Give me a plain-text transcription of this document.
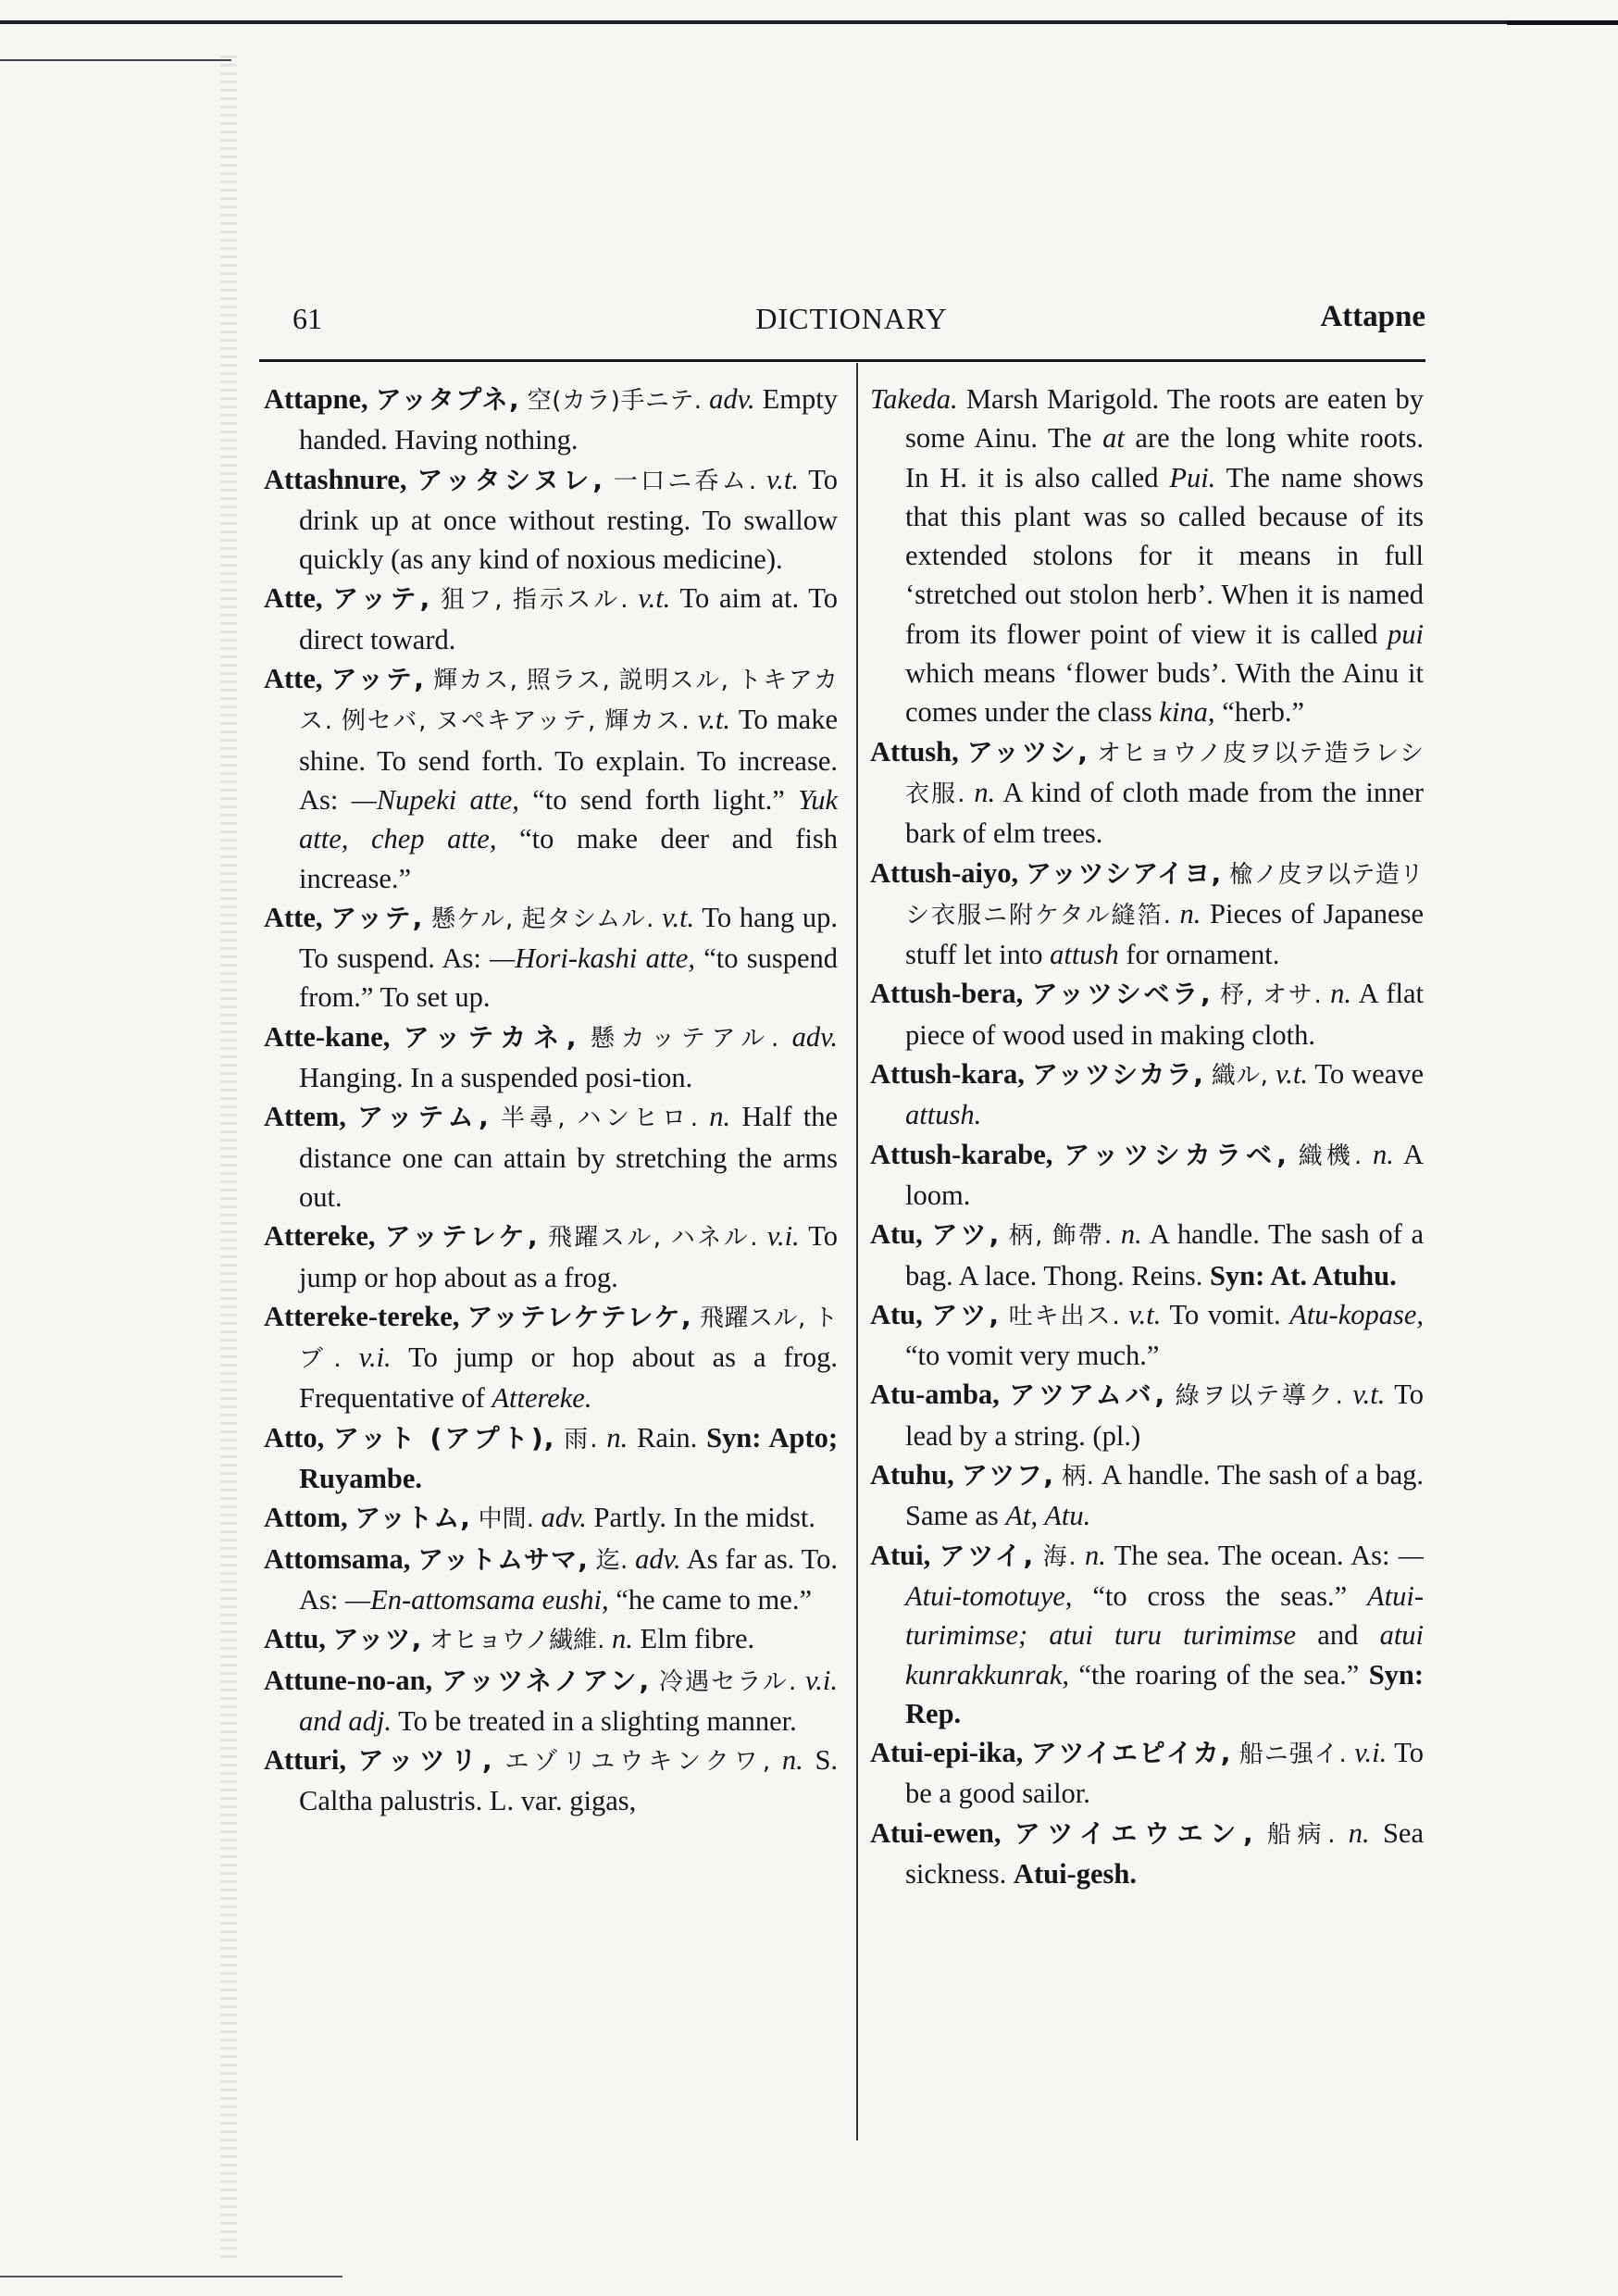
61	DICTIONARY	Attapne

Attapne, アッタプネ, 空(カラ)手ニテ. adv. Empty handed. Having nothing.

Attashnure, アッタシヌレ, 一口ニ呑ム. v.t. To drink up at once without resting. To swallow quickly (as any kind of noxious medicine).

Atte, アッテ, 狙フ, 指示スル. v.t. To aim at. To direct toward.

Atte, アッテ, 輝カス, 照ラス, 説明スル, トキアカス. 例セバ, ヌペキアッテ, 輝カス. v.t. To make shine. To send forth. To explain. To increase. As: —Nupeki atte, “to send forth light.” Yuk atte, chep atte, “to make deer and fish increase.”

Atte, アッテ, 懸ケル, 起タシムル. v.t. To hang up. To suspend. As: —Hori-kashi atte, “to suspend from.” To set up.

Atte-kane, アッテカネ, 懸カッテアル. adv. Hanging. In a suspended posi-tion.

Attem, アッテム, 半尋, ハンヒロ. n. Half the distance one can attain by stretching the arms out.

Attereke, アッテレケ, 飛躍スル, ハネル. v.i. To jump or hop about as a frog.

Attereke-tereke, アッテレケテレケ, 飛躍スル, トブ. v.i. To jump or hop about as a frog. Frequentative of Attereke.

Atto, アット (アプト), 雨. n. Rain. Syn: Apto; Ruyambe.

Attom, アットム, 中間. adv. Partly. In the midst.

Attomsama, アットムサマ, 迄. adv. As far as. To. As: —En-attomsama eushi, “he came to me.”

Attu, アッツ, オヒョウノ繊維. n. Elm fibre.

Attune-no-an, アッツネノアン, 冷遇セラル. v.i. and adj. To be treated in a slighting manner.

Atturi, アッツリ, エゾリユウキンクワ, n. S. Caltha palustris. L. var. gigas,

Takeda. Marsh Marigold. The roots are eaten by some Ainu. The at are the long white roots. In H. it is also called Pui. The name shows that this plant was so called because of its extended stolons for it means in full ‘stretched out stolon herb’. When it is named from its flower point of view it is called pui which means ‘flower buds’. With the Ainu it comes under the class kina, “herb.”

Attush, アッツシ, オヒョウノ皮ヲ以テ造ラレシ衣服. n. A kind of cloth made from the inner bark of elm trees.

Attush-aiyo, アッツシアイヨ, 楡ノ皮ヲ以テ造リシ衣服ニ附ケタル縫箔. n. Pieces of Japanese stuff let into attush for ornament.

Attush-bera, アッツシベラ, 杼, オサ. n. A flat piece of wood used in making cloth.

Attush-kara, アッツシカラ, 織ル, v.t. To weave attush.

Attush-karabe, アッツシカラベ, 織機. n. A loom.

Atu, アツ, 柄, 飾帶. n. A handle. The sash of a bag. A lace. Thong. Reins. Syn: At. Atuhu.

Atu, アツ, 吐キ出ス. v.t. To vomit. Atu-kopase, “to vomit very much.”

Atu-amba, アツアムバ, 綠ヲ以テ導ク. v.t. To lead by a string. (pl.)

Atuhu, アツフ, 柄. A handle. The sash of a bag. Same as At, Atu.

Atui, アツイ, 海. n. The sea. The ocean. As: —Atui-tomotuye, “to cross the seas.” Atui-turimimse; atui turu turimimse and atui kunrakkunrak, “the roaring of the sea.” Syn: Rep.

Atui-epi-ika, アツイエピイカ, 船ニ强イ. v.i. To be a good sailor.

Atui-ewen, アツイエウエン, 船病. n. Sea sickness. Atui-gesh.
